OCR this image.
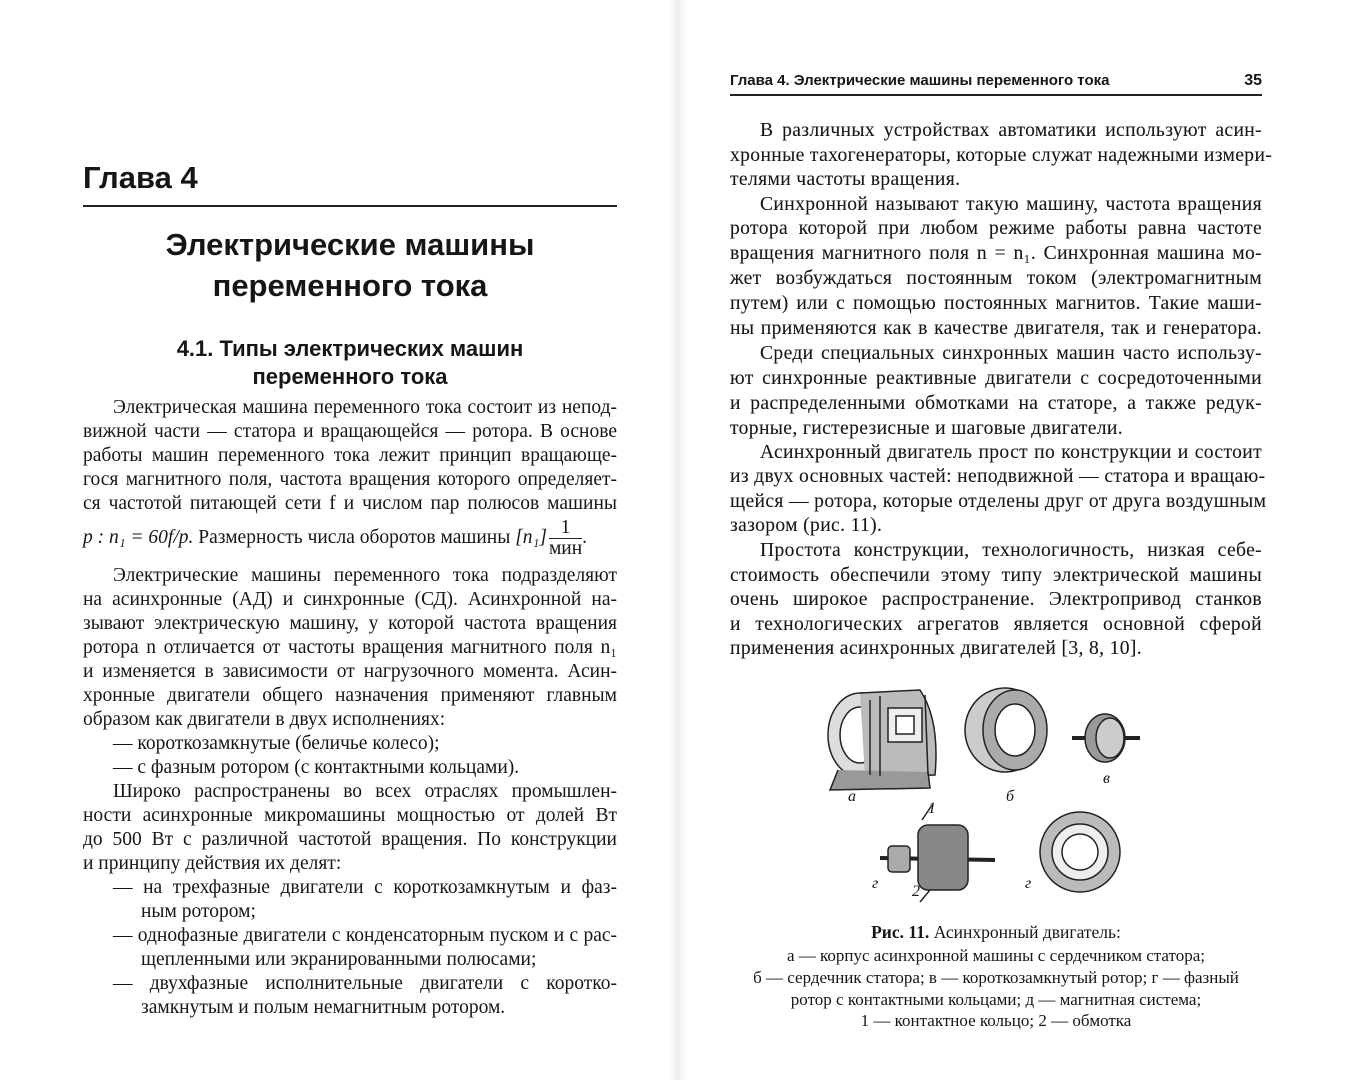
Глава 4
Электрические машины
переменного тока
4.1. Типы электрических машин
переменного тока
Электрическая машина переменного тока состоит из непод-
вижной части — статора и вращающейся — ротора. В основе
работы машин переменного тока лежит принцип вращающе-
гося магнитного поля, частота вращения которого определяет-
ся частотой питающей сети f и числом пар полюсов машины
p : n₁ = 60f/p. Размерность числа оборотов машины $[n_1] \frac{1}{\text{мин}}$ .
Электрические машины переменного тока подразделяют
на асинхронные (АД) и синхронные (СД). Асинхронной на-
зывают электрическую машину, у которой частота вращения
ротора n отличается от частоты вращения магнитного поля n₁
и изменяется в зависимости от нагрузочного момента. Асин-
хронные двигатели общего назначения применяют главным
образом как двигатели в двух исполнениях:
— короткозамкнутые (беличье колесо);
— с фазным ротором (с контактными кольцами).
Широко распространены во всех отраслях промышлен-
ности асинхронные микромашины мощностью от долей Вт
до 500 Вт с различной частотой вращения. По конструкции
и принципу действия их делят:
— на трехфазные двигатели с короткозамкнутым и фаз-
ным ротором;
— однофазные двигатели с конденсаторным пуском и с рас-
щепленными или экранированными полюсами;
— двухфазные исполнительные двигатели с коротко-
замкнутым и полым немагнитным ротором.
Глава 4. Электрические машины переменного тока	35
В различных устройствах автоматики используют асин-
хронные тахогенераторы, которые служат надежными измери-
телями частоты вращения.
Синхронной называют такую машину, частота вращения
ротора которой при любом режиме работы равна частоте
вращения магнитного поля n = n₁. Синхронная машина мо-
жет возбуждаться постоянным током (электромагнитным
путем) или с помощью постоянных магнитов. Такие маши-
ны применяются как в качестве двигателя, так и генератора.
Среди специальных синхронных машин часто использу-
ют синхронные реактивные двигатели с сосредоточенными
и распределенными обмотками на статоре, а также редук-
торные, гистерезисные и шаговые двигатели.
Асинхронный двигатель прост по конструкции и состоит
из двух основных частей: неподвижной — статора и вращаю-
щейся — ротора, которые отделены друг от друга воздушным
зазором (рис. 11).
Простота конструкции, технологичность, низкая себе-
стоимость обеспечили этому типу электрической машины
очень широкое распространение. Электропривод станков
и технологических агрегатов является основной сферой
применения асинхронных двигателей [3, 8, 10].
а	б
в
г	г
1
2
Рис. 11. Асинхронный двигатель:
а — корпус асинхронной машины с сердечником статора;
б — сердечник статора; в — короткозамкнутый ротор; г — фазный
ротор с контактными кольцами; д — магнитная система;
1 — контактное кольцо; 2 — обмотка
